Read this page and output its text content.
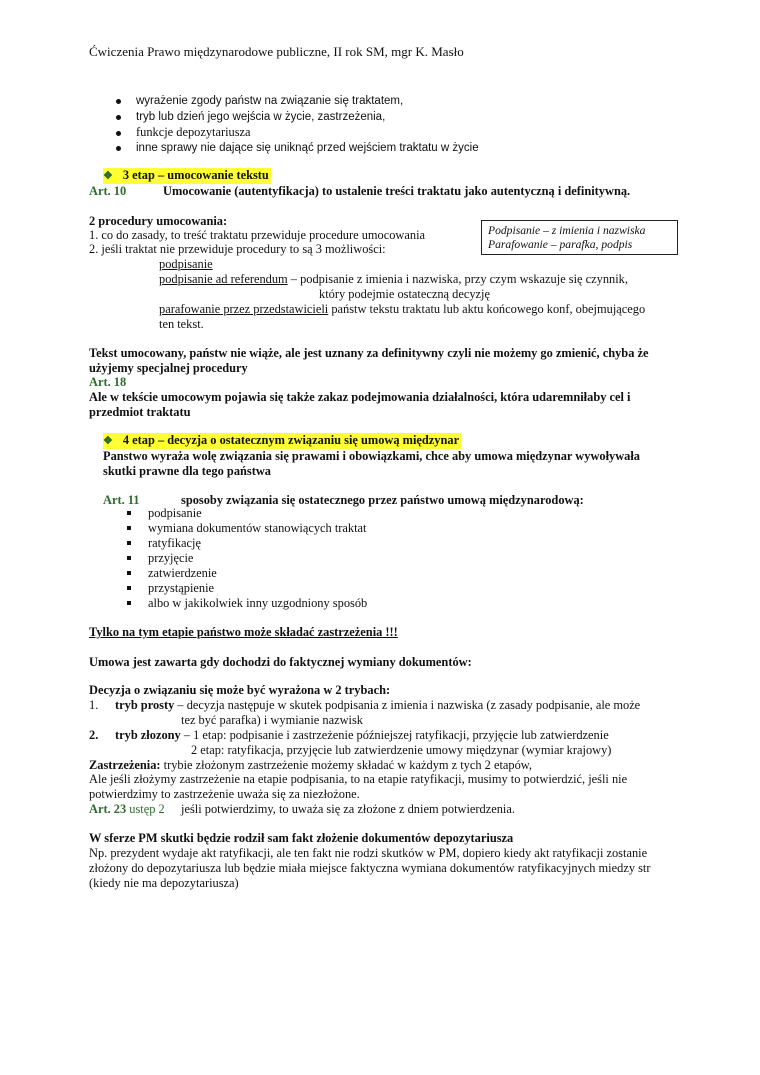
Ćwiczenia Prawo międzynarodowe publiczne, II rok SM, mgr K. Masło
wyrażenie zgody państw na związanie się traktatem,
tryb lub dzień jego wejścia w życie, zastrzeżenia,
funkcje depozytariusza
inne sprawy nie dające się uniknąć przed wejściem traktatu w życie
❖ 3 etap – umocowanie tekstu
Art. 10	Umocowanie (autentyfikacja) to ustalenie treści traktatu jako autentyczną i definitywną.
2 procedury umocowania:
1. co do zasady, to treść traktatu przewiduje procedure umocowania
2. jeśli traktat nie przewiduje procedury to są 3 możliwości:
Podpisanie – z imienia i nazwiska
Parafowanie – parafka, podpis
podpisanie
podpisanie ad referendum – podpisanie z imienia i nazwiska, przy czym wskazuje się czynnik,
który podejmie ostateczną decyzję
parafowanie przez przedstawicieli państw tekstu traktatu lub aktu końcowego konf, obejmującego
ten tekst.
Tekst umocowany, państw nie wiąże, ale jest uznany za definitywny czyli nie możemy go zmienić, chyba że
użyjemy specjalnej procedury
Art. 18
Ale w tekście umocowym pojawia się także zakaz podejmowania działalności, która udaremniłaby cel i
przedmiot traktatu
❖ 4 etap – decyzja o ostatecznym związaniu się umową międzynar
Panstwo wyraża wolę związania się prawami i obowiązkami, chce aby umowa międzynar wywoływała
skutki prawne dla tego państwa
Art. 11	sposoby związania się ostatecznego przez państwo umową międzynarodową:
podpisanie
wymiana dokumentów stanowiących traktat
ratyfikację
przyjęcie
zatwierdzenie
przystąpienie
albo w jakikolwiek inny uzgodniony sposób
Tylko na tym etapie państwo może składać zastrzeżenia !!!
Umowa jest zawarta gdy dochodzi do faktycznej wymiany dokumentów:
Decyzja o związaniu się może być wyrażona w 2 trybach:
1. tryb prosty – decyzja następuje w skutek podpisania z imienia i nazwiska (z zasady podpisanie, ale może
tez być parafka) i wymianie nazwisk
2. tryb złozony – 1 etap: podpisanie i zastrzeżenie późniejszej ratyfikacji, przyjęcie lub zatwierdzenie
2 etap: ratyfikacja, przyjęcie lub zatwierdzenie umowy międzynar (wymiar krajowy)
Zastrzeżenia: trybie złożonym zastrzeżenie możemy składać w każdym z tych 2 etapów,
Ale jeśli złożymy zastrzeżenie na etapie podpisania, to na etapie ratyfikacji, musimy to potwierdzić, jeśli nie
potwierdzimy to zastrzeżenie uważa się za niezłożone.
Art. 23 ustęp 2 jeśli potwierdzimy, to uważa się za złożone z dniem potwierdzenia.
W sferze PM skutki będzie rodził sam fakt złożenie dokumentów depozytariusza
Np. prezydent wydaje akt ratyfikacji, ale ten fakt nie rodzi skutków w PM, dopiero kiedy akt ratyfikacji zostanie
złożony do depozytariusza lub będzie miała miejsce faktyczna wymiana dokumentów ratyfikacyjnych miedzy str
(kiedy nie ma depozytariusza)
